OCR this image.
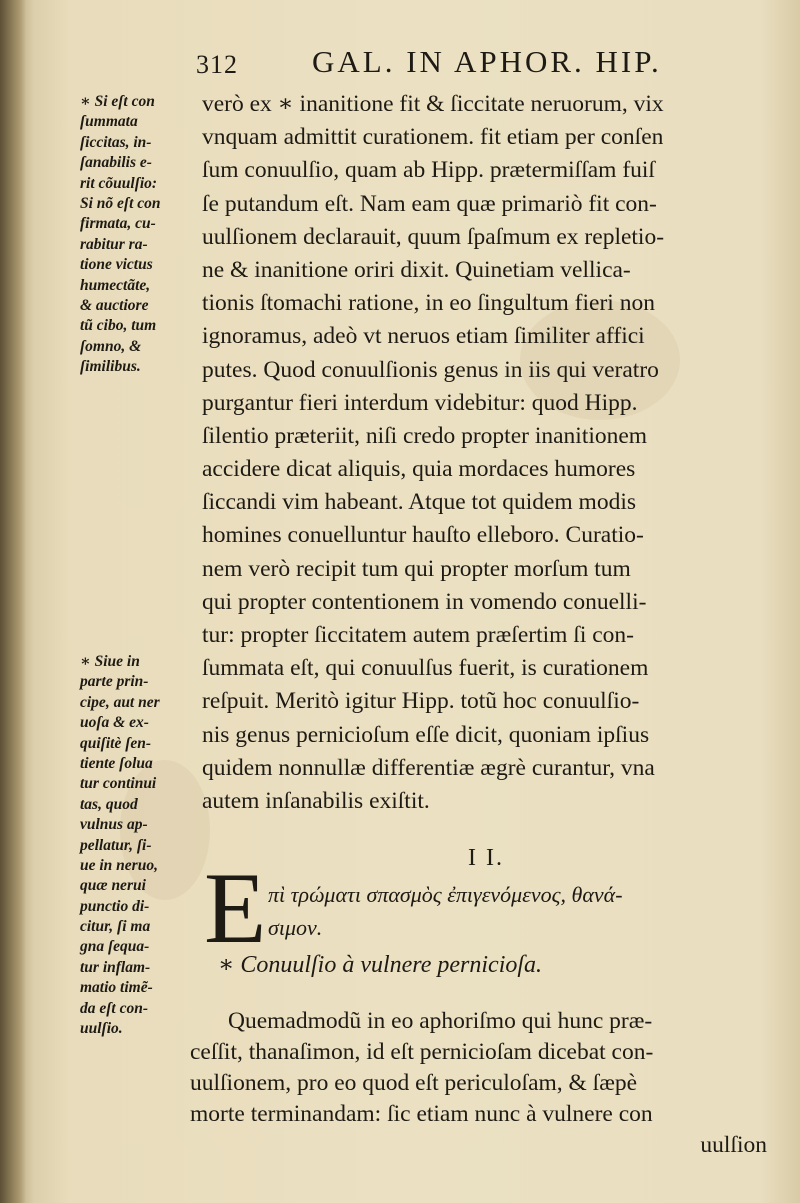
312 GAL. IN APHOR. HIP.
∗ Si eſt con
ſummata
ſiccitas, in-
ſanabilis e-
rit cõuulſio:
Si nõ eſt con
firmata, cu-
rabitur ra-
tione victus
humectãte,
& auctiore
tũ cibo, tum
ſomno, &
ſimilibus.
verò ex ∗ inanitione fit & ſiccitate neruorum, vix
vnquam admittit curationem. fit etiam per conſen
ſum conuulſio, quam ab Hipp. prætermiſſam fuiſ
ſe putandum eſt. Nam eam quæ primariò fit con-
uulſionem declarauit, quum ſpaſmum ex repletio-
ne & inanitione oriri dixit. Quinetiam vellica-
tionis ſtomachi ratione, in eo ſingultum fieri non
ignoramus, adeò vt neruos etiam ſimiliter affici
putes. Quod conuulſionis genus in iis qui veratro
purgantur fieri interdum videbitur: quod Hipp.
ſilentio præteriit, niſi credo propter inanitionem
accidere dicat aliquis, quia mordaces humores
ſiccandi vim habeant. Atque tot quidem modis
homines conuelluntur hauſto elleboro. Curatio-
nem verò recipit tum qui propter morſum tum
qui propter contentionem in vomendo conuelli-
tur: propter ſiccitatem autem præſertim ſi con-
ſummata eſt, qui conuulſus fuerit, is curationem
reſpuit. Meritò igitur Hipp. totũ hoc conuulſio-
nis genus pernicioſum eſſe dicit, quoniam ipſius
quidem nonnullæ differentiæ ægrè curantur, vna
autem inſanabilis exiſtit.
∗ Siue in
parte prin-
cipe, aut ner
uoſa & ex-
quiſitè ſen-
tiente ſolua
tur continui
tas, quod
vulnus ap-
pellatur, ſi-
ue in neruo,
quæ nerui
punctio di-
citur, ſi ma
gna ſequa-
tur inflam-
matio timẽ-
da eſt con-
uulſio.
I I.
E πὶ τρώματι σπασμὸς ἐπιγενόμενος, θανά-
σιμον.
∗ Conuulſio à vulnere pernicioſa.
Quemadmodũ in eo aphoriſmo qui hunc præ-
ceſſit, thanaſimon, id eſt pernicioſam dicebat con-
uulſionem, pro eo quod eſt periculoſam, & ſæpè
morte terminandam: ſic etiam nunc à vulnere con
uulſion
